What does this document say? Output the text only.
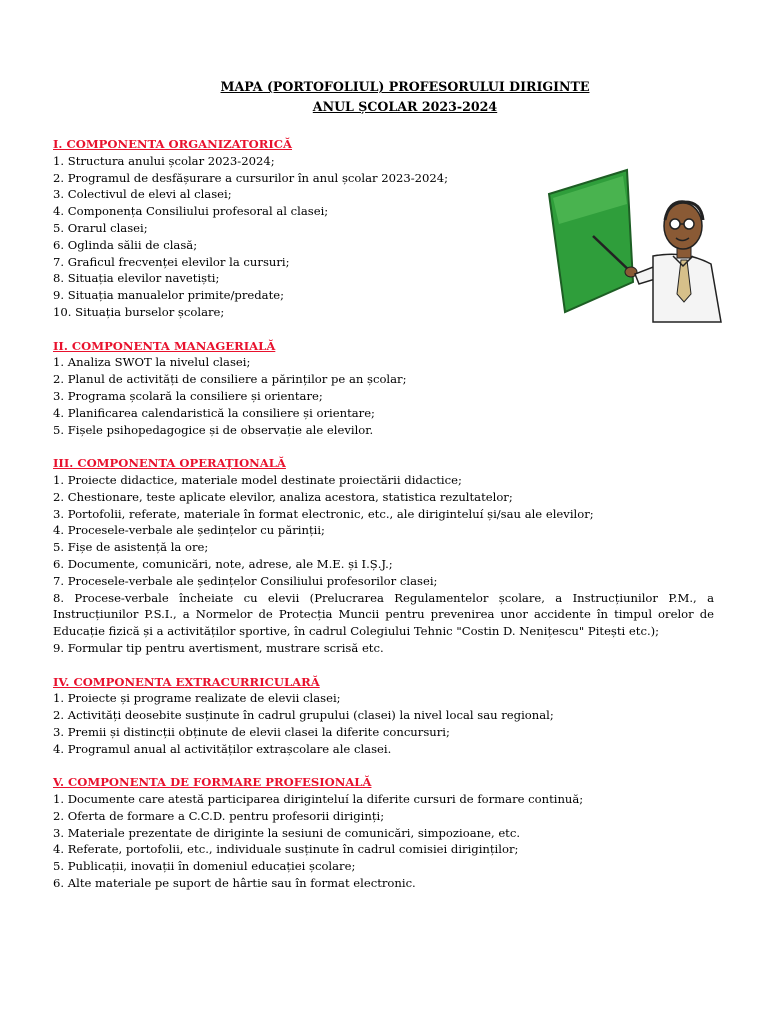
MAPA (PORTOFOLIUL) PROFESORULUI DIRIGINTE
ANUL ȘCOLAR 2023-2024
I. COMPONENTA ORGANIZATORICĂ
1. Structura anului școlar 2023-2024;
2. Programul de desfășurare a cursurilor în anul școlar 2023-2024;
3. Colectivul de elevi al clasei;
4. Componența Consiliului profesoral al clasei;
5. Orarul clasei;
6. Oglinda sălii de clasă;
7. Graficul frecvenței elevilor la cursuri;
8. Situația elevilor navetiști;
9. Situația manualelor primite/predate;
10. Situația burselor școlare;
II. COMPONENTA MANAGERIALĂ
1. Analiza SWOT la nivelul clasei;
2. Planul de activități de consiliere a părinților pe an școlar;
3. Programa școlară la consiliere și orientare;
4. Planificarea calendaristică la consiliere și orientare;
5. Fișele psihopedagogice și de observație ale elevilor.
III. COMPONENTA OPERAȚIONALĂ
1. Proiecte didactice, materiale model destinate proiectării didactice;
2. Chestionare, teste aplicate elevilor, analiza acestora, statistica rezultatelor;
3. Portofolii, referate, materiale în format electronic, etc., ale diriginteluí și/sau ale elevilor;
4. Procesele-verbale ale ședințelor cu părinții;
5. Fișe de asistență la ore;
6. Documente, comunicări, note, adrese, ale M.E. și I.Ș.J.;
7. Procesele-verbale ale ședințelor Consiliului profesorilor clasei;
8. Procese-verbale încheiate cu elevii (Prelucrarea Regulamentelor școlare, a Instrucțiunilor P.M., a Instrucțiunilor P.S.I., a Normelor de Protecția Muncii pentru prevenirea unor accidente în timpul orelor de Educație fizică și a activităților sportive, în cadrul Colegiului Tehnic "Costin D. Nenițescu" Pitești etc.);
9. Formular tip pentru avertisment, mustrare scrisă etc.
IV. COMPONENTA EXTRACURRICULARĂ
1. Proiecte și programe realizate de elevii clasei;
2. Activități deosebite susținute în cadrul grupului (clasei) la nivel local sau regional;
3. Premii și distincții obținute de elevii clasei la diferite concursuri;
4. Programul anual al activităților extrașcolare ale clasei.
V. COMPONENTA DE FORMARE PROFESIONALĂ
1. Documente care atestă participarea diriginteluí la diferite cursuri de formare continuă;
2. Oferta de formare a C.C.D. pentru profesorii diriginți;
3. Materiale prezentate de diriginte la sesiuni de comunicări, simpozioane, etc.
4. Referate, portofolii, etc., individuale susținute în cadrul comisiei diriginților;
5. Publicații, inovații în domeniul educației școlare;
6. Alte materiale pe suport de hârtie sau în format electronic.
